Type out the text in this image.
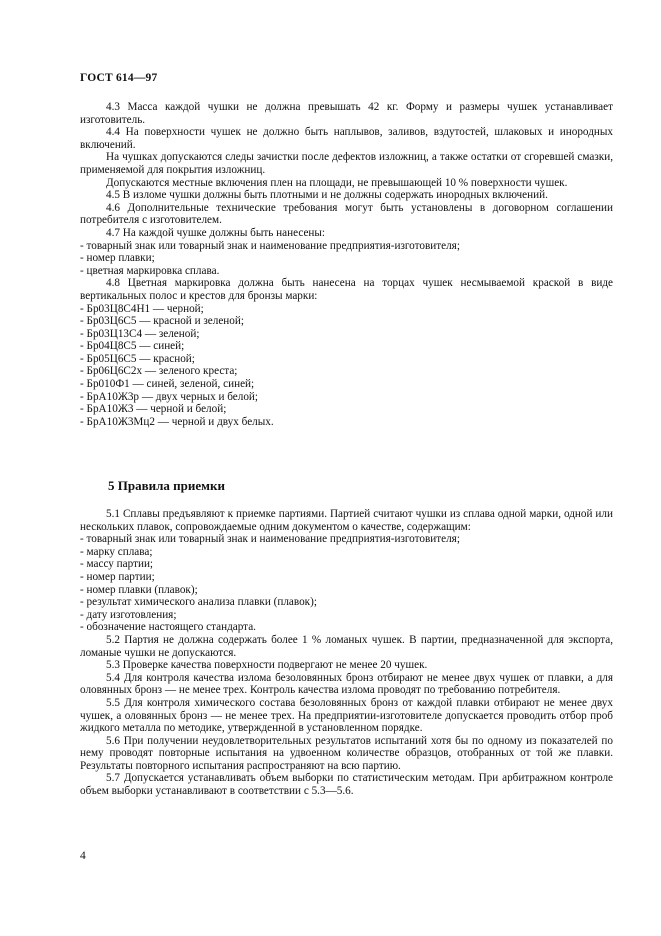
ГОСТ 614—97

4.3 Масса каждой чушки не должна превышать 42 кг. Форму и размеры чушек устанавливает изготовитель.

4.4 На поверхности чушек не должно быть наплывов, заливов, вздутостей, шлаковых и инородных включений.

На чушках допускаются следы зачистки после дефектов изложниц, а также остатки от сгоревшей смазки, применяемой для покрытия изложниц.

Допускаются местные включения плен на площади, не превышающей 10 % поверхности чушек.

4.5 В изломе чушки должны быть плотными и не должны содержать инородных включений.

4.6 Дополнительные технические требования могут быть установлены в договорном соглашении потребителя с изготовителем.

4.7 На каждой чушке должны быть нанесены:

- товарный знак или товарный знак и наименование предприятия-изготовителя;
- номер плавки;
- цветная маркировка сплава.

4.8 Цветная маркировка должна быть нанесена на торцах чушек несмываемой краской в виде вертикальных полос и крестов для бронзы марки:

- Бр03Ц8С4Н1 — черной;
- Бр03Ц6С5 — красной и зеленой;
- Бр03Ц13С4 — зеленой;
- Бр04Ц8С5 — синей;
- Бр05Ц6С5 — красной;
- Бр06Ц6С2х — зеленого креста;
- Бр010Ф1 — синей, зеленой, синей;
- БрА10Ж3р — двух черных и белой;
- БрА10Ж3 — черной и белой;
- БрА10Ж3Мц2 — черной и двух белых.
5 Правила приемки

5.1 Сплавы предъявляют к приемке партиями. Партией считают чушки из сплава одной марки, одной или нескольких плавок, сопровождаемые одним документом о качестве, содержащим:

- товарный знак или товарный знак и наименование предприятия-изготовителя;
- марку сплава;
- массу партии;
- номер партии;
- номер плавки (плавок);
- результат химического анализа плавки (плавок);
- дату изготовления;
- обозначение настоящего стандарта.

5.2 Партия не должна содержать более 1 % ломаных чушек. В партии, предназначенной для экспорта, ломаные чушки не допускаются.

5.3 Проверке качества поверхности подвергают не менее 20 чушек.

5.4 Для контроля качества излома безоловянных бронз отбирают не менее двух чушек от плавки, а для оловянных бронз — не менее трех. Контроль качества излома проводят по требованию потребителя.

5.5 Для контроля химического состава безоловянных бронз от каждой плавки отбирают не менее двух чушек, а оловянных бронз — не менее трех. На предприятии-изготовителе допускается проводить отбор проб жидкого металла по методике, утвержденной в установленном порядке.

5.6 При получении неудовлетворительных результатов испытаний хотя бы по одному из показателей по нему проводят повторные испытания на удвоенном количестве образцов, отобранных от той же плавки. Результаты повторного испытания распространяют на всю партию.

5.7 Допускается устанавливать объем выборки по статистическим методам. При арбитражном контроле объем выборки устанавливают в соответствии с 5.3—5.6.

4
